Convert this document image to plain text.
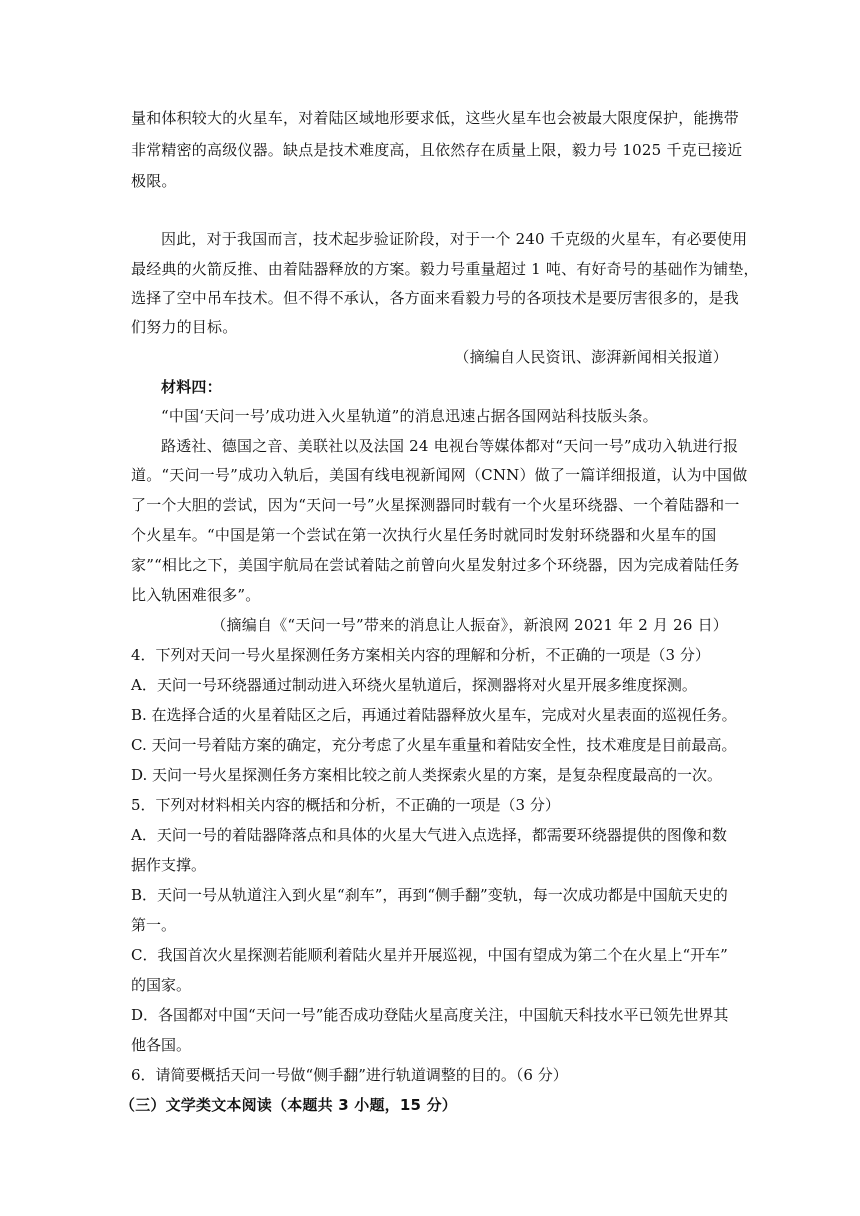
量和体积较大的火星车，对着陆区域地形要求低，这些火星车也会被最大限度保护，能携带
非常精密的高级仪器。缺点是技术难度高，且依然存在质量上限，毅力号 1025 千克已接近
极限。
因此，对于我国而言，技术起步验证阶段，对于一个 240 千克级的火星车，有必要使用
最经典的火箭反推、由着陆器释放的方案。毅力号重量超过 1 吨、有好奇号的基础作为铺垫，
选择了空中吊车技术。但不得不承认，各方面来看毅力号的各项技术是要厉害很多的，是我
们努力的目标。
（摘编自人民资讯、澎湃新闻相关报道）
材料四：
“中国‘天问一号’成功进入火星轨道”的消息迅速占据各国网站科技版头条。
路透社、德国之音、美联社以及法国 24 电视台等媒体都对“天问一号”成功入轨进行报
道。“天问一号”成功入轨后，美国有线电视新闻网（CNN）做了一篇详细报道，认为中国做
了一个大胆的尝试，因为“天问一号”火星探测器同时载有一个火星环绕器、一个着陆器和一
个火星车。“中国是第一个尝试在第一次执行火星任务时就同时发射环绕器和火星车的国
家”“相比之下，美国宇航局在尝试着陆之前曾向火星发射过多个环绕器，因为完成着陆任务
比入轨困难很多”。
（摘编自《“天问一号”带来的消息让人振奋》，新浪网 2021 年 2 月 26 日）
4．下列对天问一号火星探测任务方案相关内容的理解和分析，不正确的一项是（3 分）
A．天问一号环绕器通过制动进入环绕火星轨道后，探测器将对火星开展多维度探测。
B. 在选择合适的火星着陆区之后，再通过着陆器释放火星车，完成对火星表面的巡视任务。
C. 天问一号着陆方案的确定，充分考虑了火星车重量和着陆安全性，技术难度是目前最高。
D. 天问一号火星探测任务方案相比较之前人类探索火星的方案，是复杂程度最高的一次。
5．下列对材料相关内容的概括和分析，不正确的一项是（3 分）
A．天问一号的着陆器降落点和具体的火星大气进入点选择，都需要环绕器提供的图像和数
据作支撑。
B．天问一号从轨道注入到火星“刹车”，再到“侧手翻”变轨，每一次成功都是中国航天史的
第一。
C．我国首次火星探测若能顺利着陆火星并开展巡视，中国有望成为第二个在火星上“开车”
的国家。
D．各国都对中国“天问一号”能否成功登陆火星高度关注，中国航天科技水平已领先世界其
他各国。
6．请简要概括天问一号做“侧手翻”进行轨道调整的目的。（6 分）
（三）文学类文本阅读（本题共 3 小题，15 分）
